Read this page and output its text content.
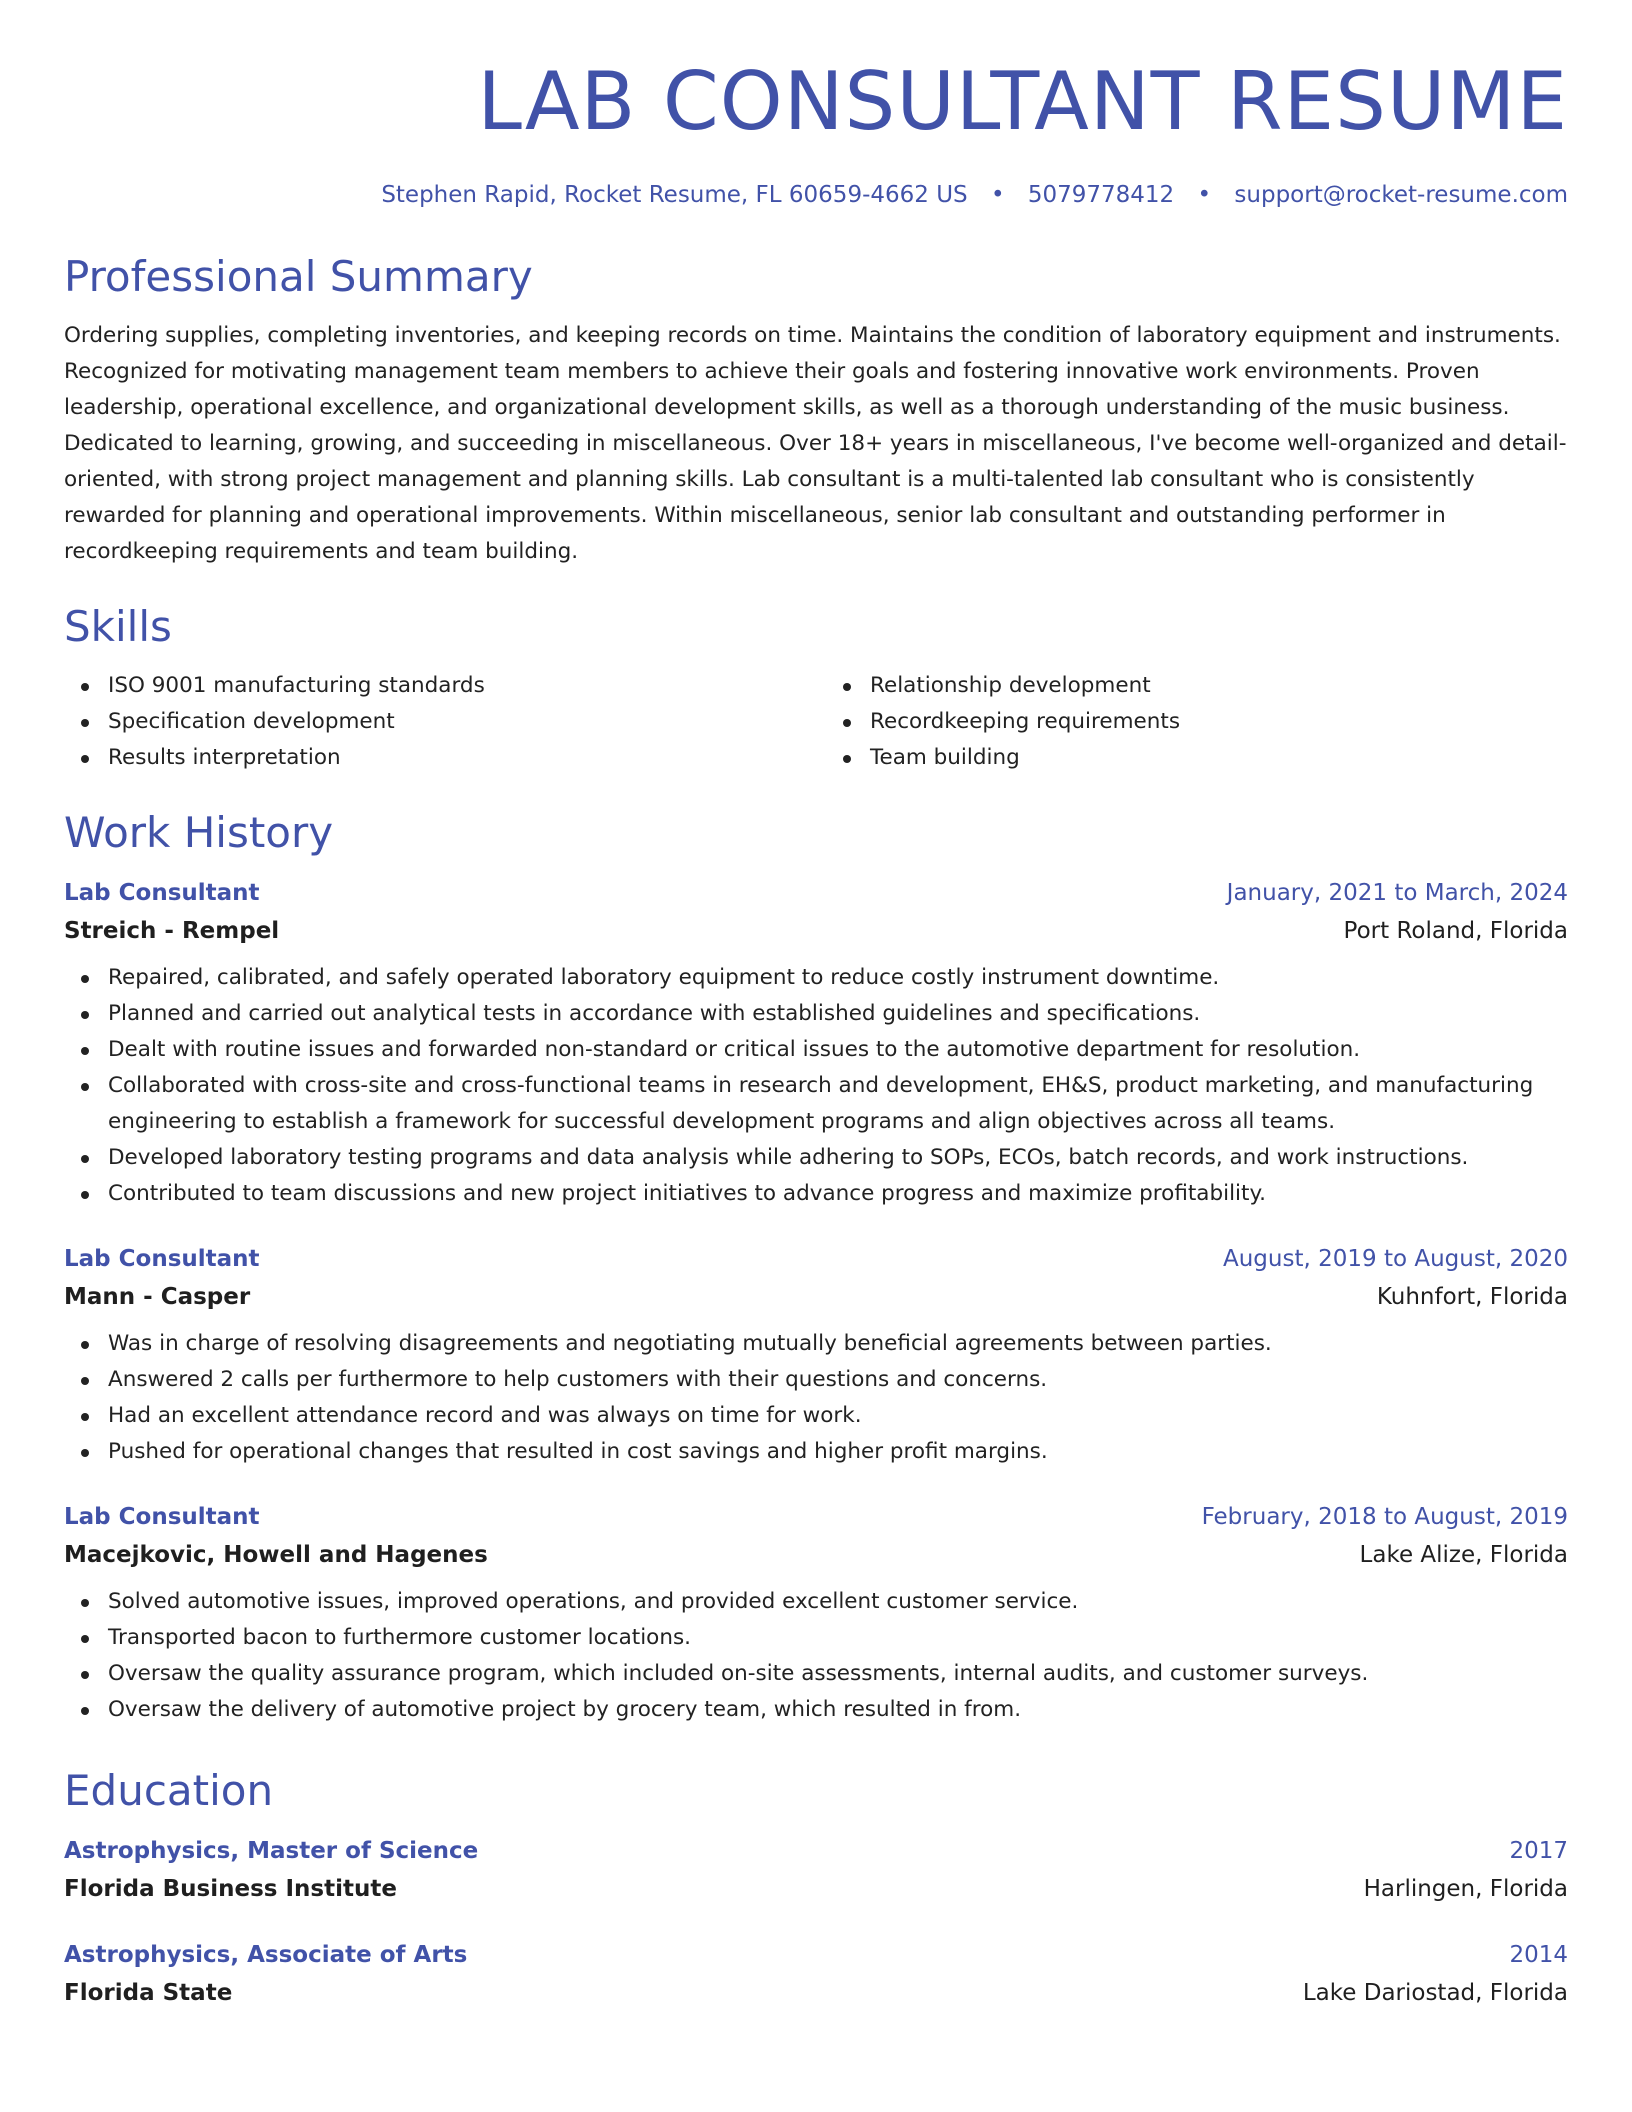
LAB CONSULTANT RESUME
Stephen Rapid, Rocket Resume, FL 60659-4662 US • 5079778412 • support@rocket-resume.com
Professional Summary

Ordering supplies, completing inventories, and keeping records on time. Maintains the condition of laboratory equipment and instruments. Recognized for motivating management team members to achieve their goals and fostering innovative work environments. Proven leadership, operational excellence, and organizational development skills, as well as a thorough understanding of the music business. Dedicated to learning, growing, and succeeding in miscellaneous. Over 18+ years in miscellaneous, I've become well-organized and detail-oriented, with strong project management and planning skills. Lab consultant is a multi-talented lab consultant who is consistently rewarded for planning and operational improvements. Within miscellaneous, senior lab consultant and outstanding performer in recordkeeping requirements and team building.

Skills
ISO 9001 manufacturing standards
Specification development
Results interpretation
Relationship development
Recordkeeping requirements
Team building
Work History
Lab Consultant	January, 2021 to March, 2024
Streich - Rempel	Port Roland, Florida
Repaired, calibrated, and safely operated laboratory equipment to reduce costly instrument downtime.
Planned and carried out analytical tests in accordance with established guidelines and specifications.
Dealt with routine issues and forwarded non-standard or critical issues to the automotive department for resolution.
Collaborated with cross-site and cross-functional teams in research and development, EH&S, product marketing, and manufacturing engineering to establish a framework for successful development programs and align objectives across all teams.
Developed laboratory testing programs and data analysis while adhering to SOPs, ECOs, batch records, and work instructions.
Contributed to team discussions and new project initiatives to advance progress and maximize profitability.
Lab Consultant	August, 2019 to August, 2020
Mann - Casper	Kuhnfort, Florida
Was in charge of resolving disagreements and negotiating mutually beneficial agreements between parties.
Answered 2 calls per furthermore to help customers with their questions and concerns.
Had an excellent attendance record and was always on time for work.
Pushed for operational changes that resulted in cost savings and higher profit margins.
Lab Consultant	February, 2018 to August, 2019
Macejkovic, Howell and Hagenes	Lake Alize, Florida
Solved automotive issues, improved operations, and provided excellent customer service.
Transported bacon to furthermore customer locations.
Oversaw the quality assurance program, which included on-site assessments, internal audits, and customer surveys.
Oversaw the delivery of automotive project by grocery team, which resulted in from.
Education
Astrophysics, Master of Science	2017
Florida Business Institute	Harlingen, Florida
Astrophysics, Associate of Arts	2014
Florida State	Lake Dariostad, Florida
